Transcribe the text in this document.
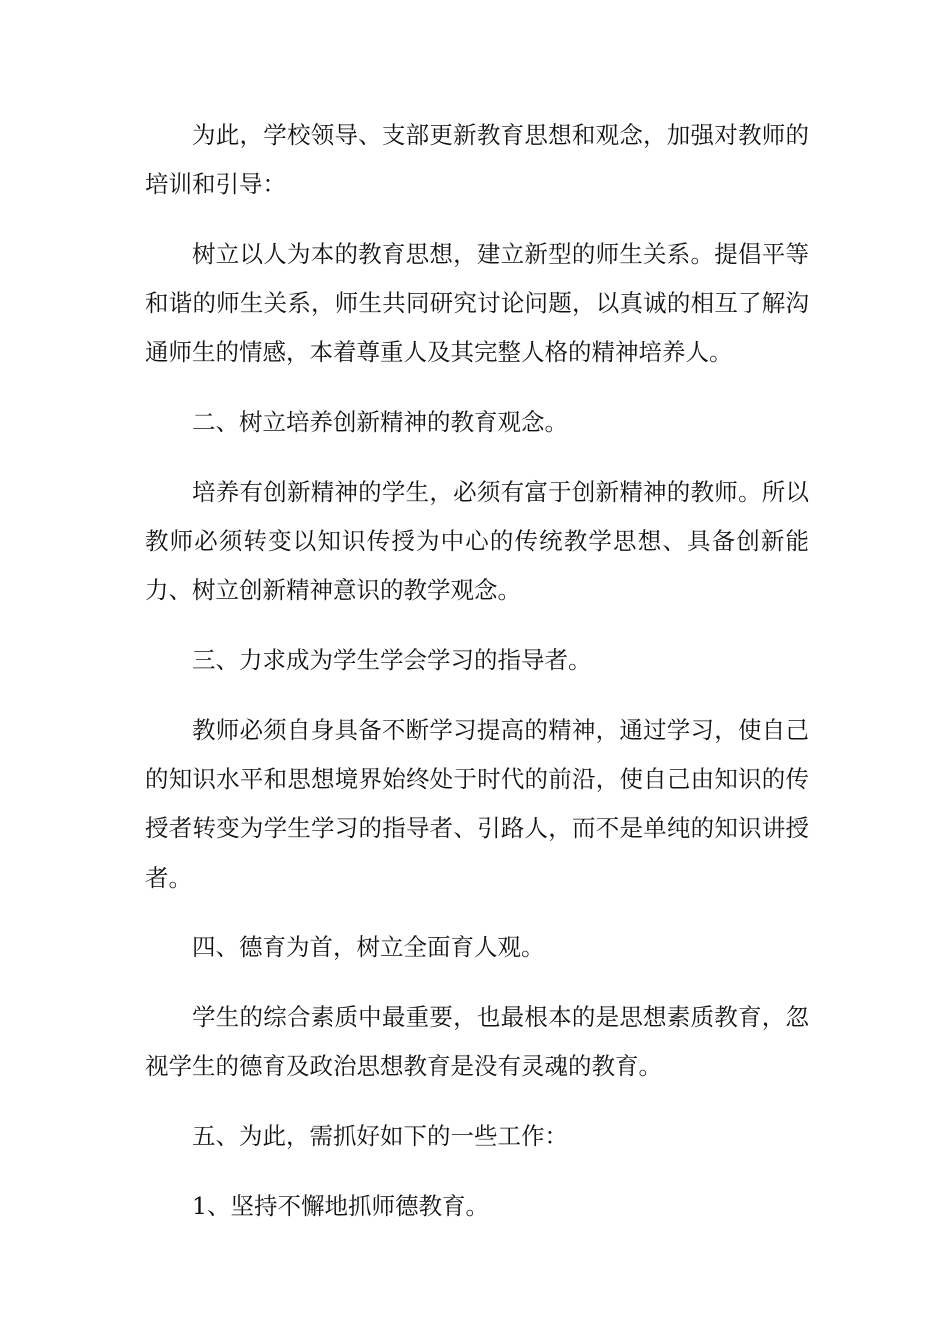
为此，学校领导、支部更新教育思想和观念，加强对教师的培训和引导：

树立以人为本的教育思想，建立新型的师生关系。提倡平等和谐的师生关系，师生共同研究讨论问题，以真诚的相互了解沟通师生的情感，本着尊重人及其完整人格的精神培养人。

二、树立培养创新精神的教育观念。

培养有创新精神的学生，必须有富于创新精神的教师。所以教师必须转变以知识传授为中心的传统教学思想、具备创新能力、树立创新精神意识的教学观念。

三、力求成为学生学会学习的指导者。

教师必须自身具备不断学习提高的精神，通过学习，使自己的知识水平和思想境界始终处于时代的前沿，使自己由知识的传授者转变为学生学习的指导者、引路人，而不是单纯的知识讲授者。

四、德育为首，树立全面育人观。

学生的综合素质中最重要，也最根本的是思想素质教育，忽视学生的德育及政治思想教育是没有灵魂的教育。

五、为此，需抓好如下的一些工作：

1、坚持不懈地抓师德教育。
